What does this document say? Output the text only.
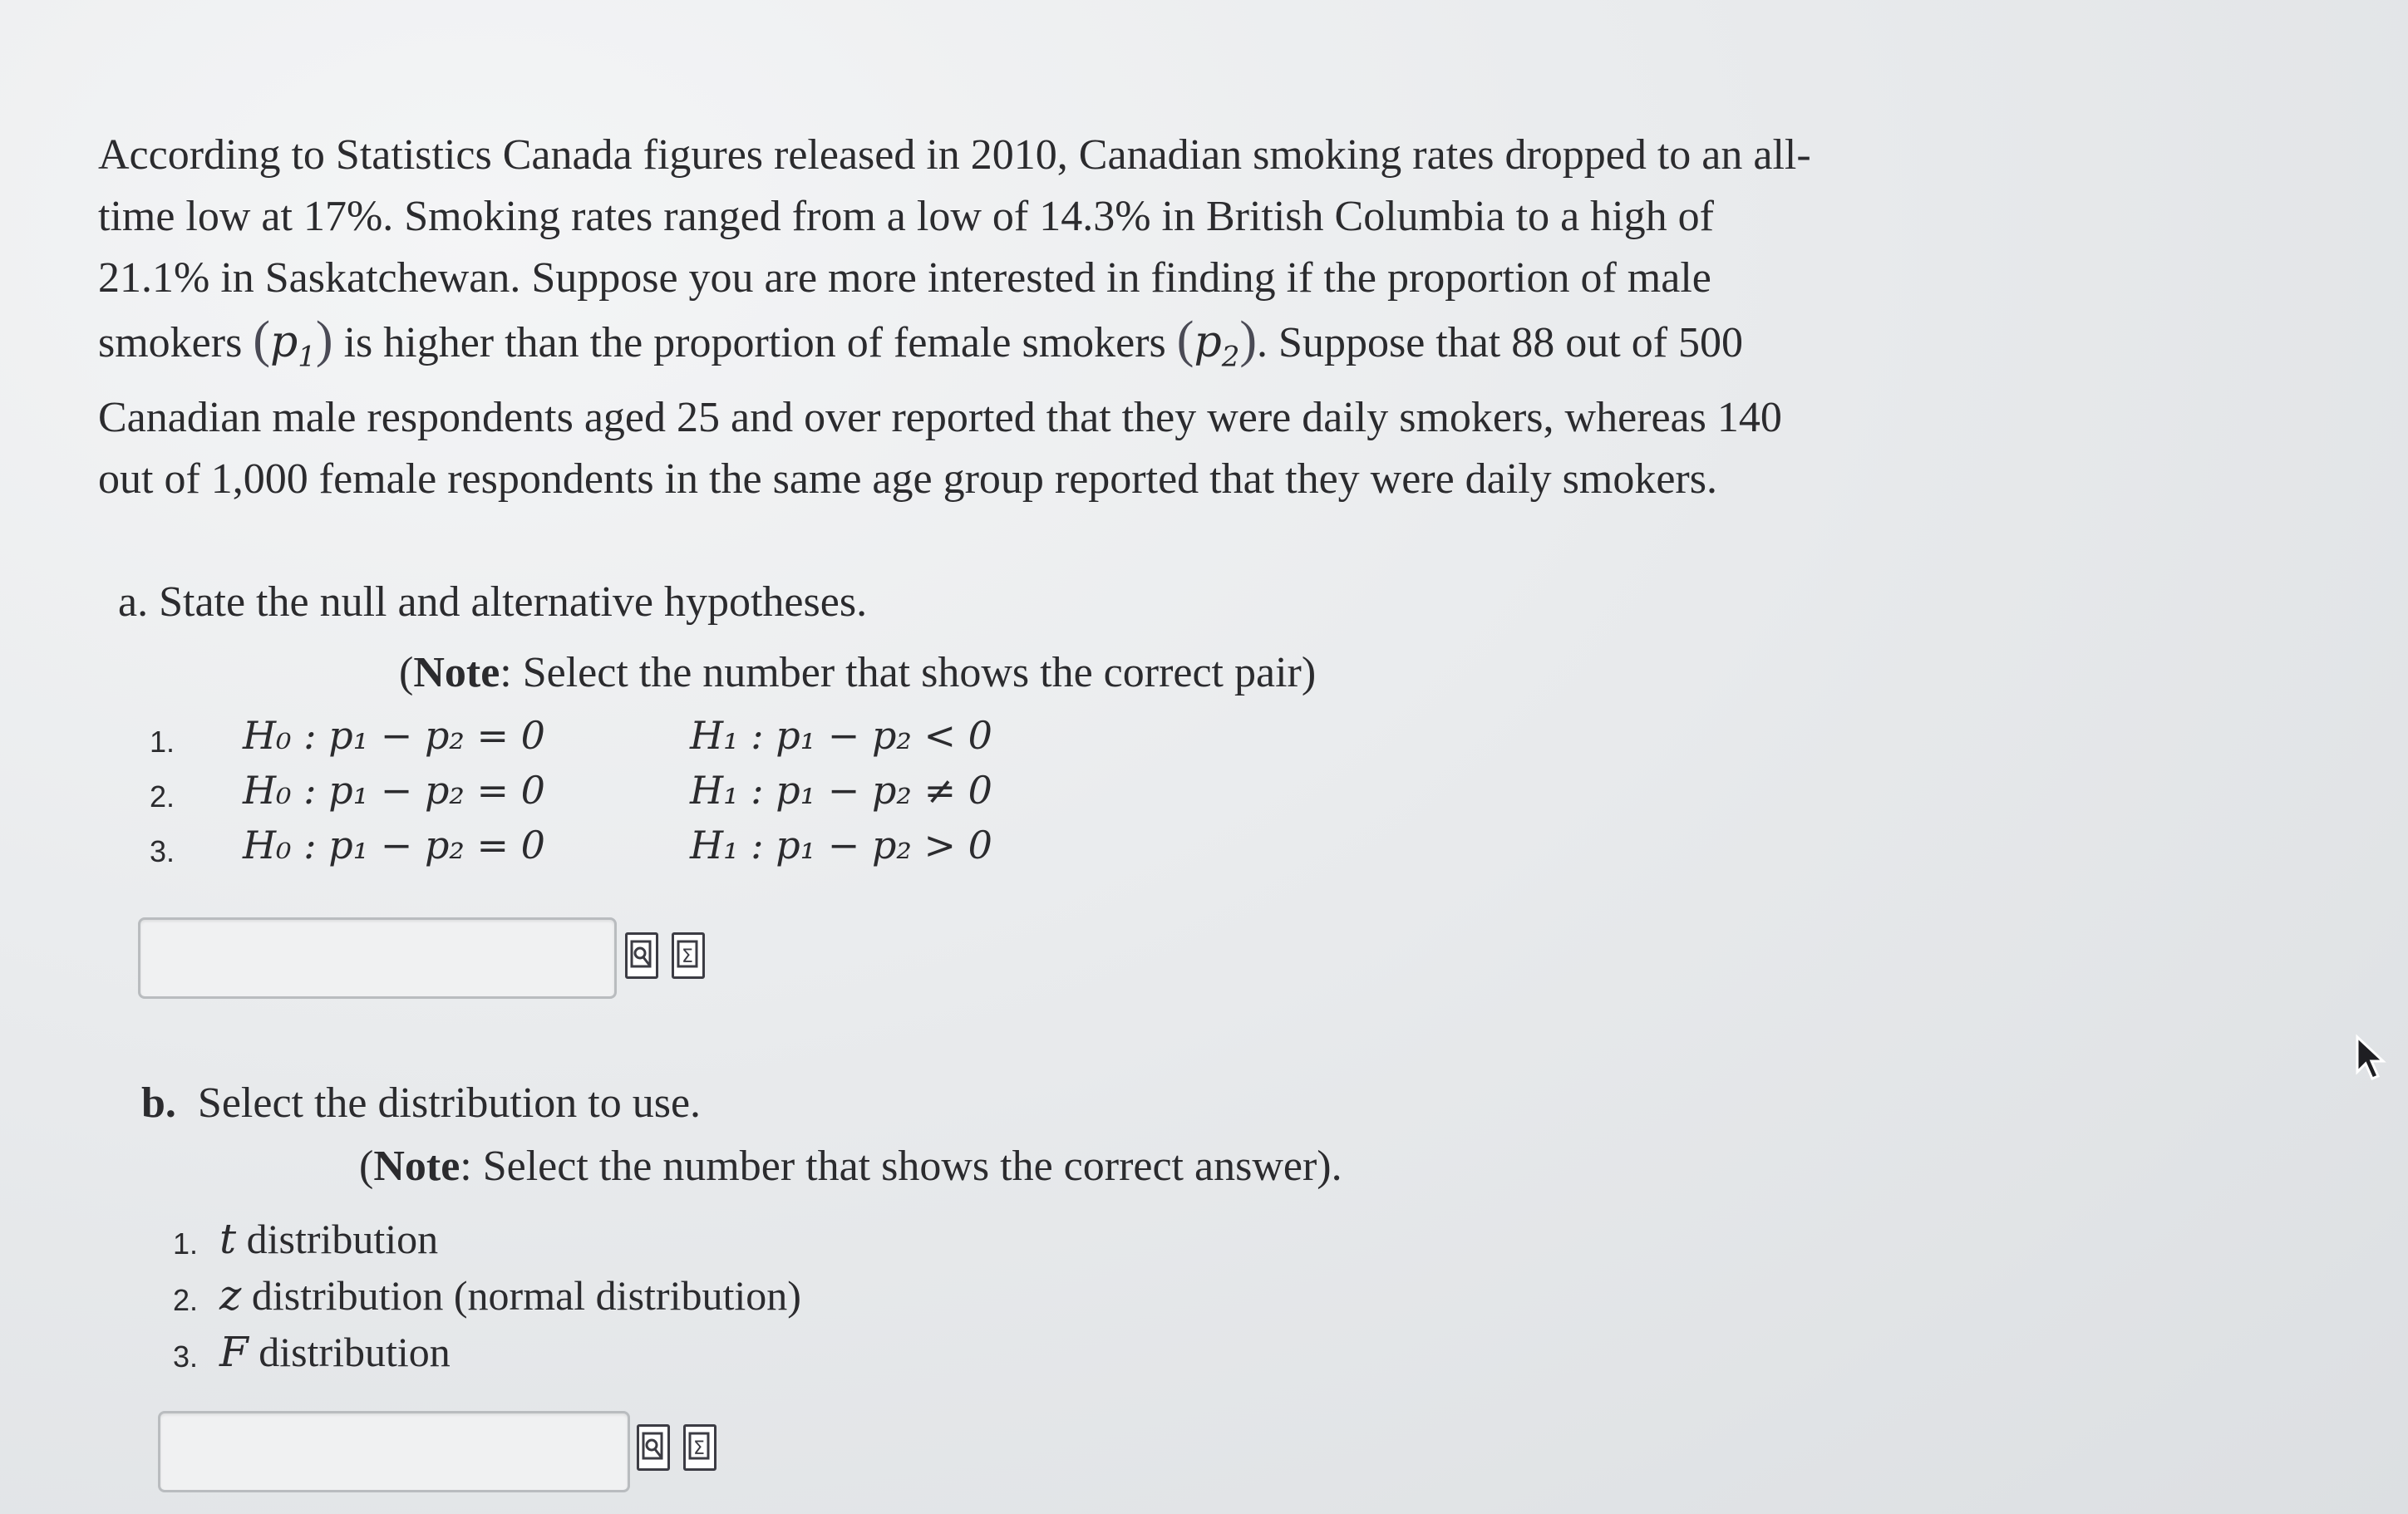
According to Statistics Canada figures released in 2010, Canadian smoking rates dropped to an all-
time low at 17%. Smoking rates ranged from a low of 14.3% in British Columbia to a high of
21.1% in Saskatchewan. Suppose you are more interested in finding if the proportion of male
smokers $(p_1)$ is higher than the proportion of female smokers $(p_2)$. Suppose that 88 out of 500
Canadian male respondents aged 25 and over reported that they were daily smokers, whereas 140
out of 1,000 female respondents in the same age group reported that they were daily smokers.
a. State the null and alternative hypotheses.
(Note: Select the number that shows the correct pair)
1. H₀ : p₁ − p₂ = 0	H₁ : p₁ − p₂ < 0
2. H₀ : p₁ − p₂ = 0	H₁ : p₁ − p₂ ≠ 0
3. H₀ : p₁ − p₂ = 0	H₁ : p₁ − p₂ > 0
Σ
b. Select the distribution to use.
(Note: Select the number that shows the correct answer).
1. t distribution
2. z distribution (normal distribution)
3. F distribution
Σ
